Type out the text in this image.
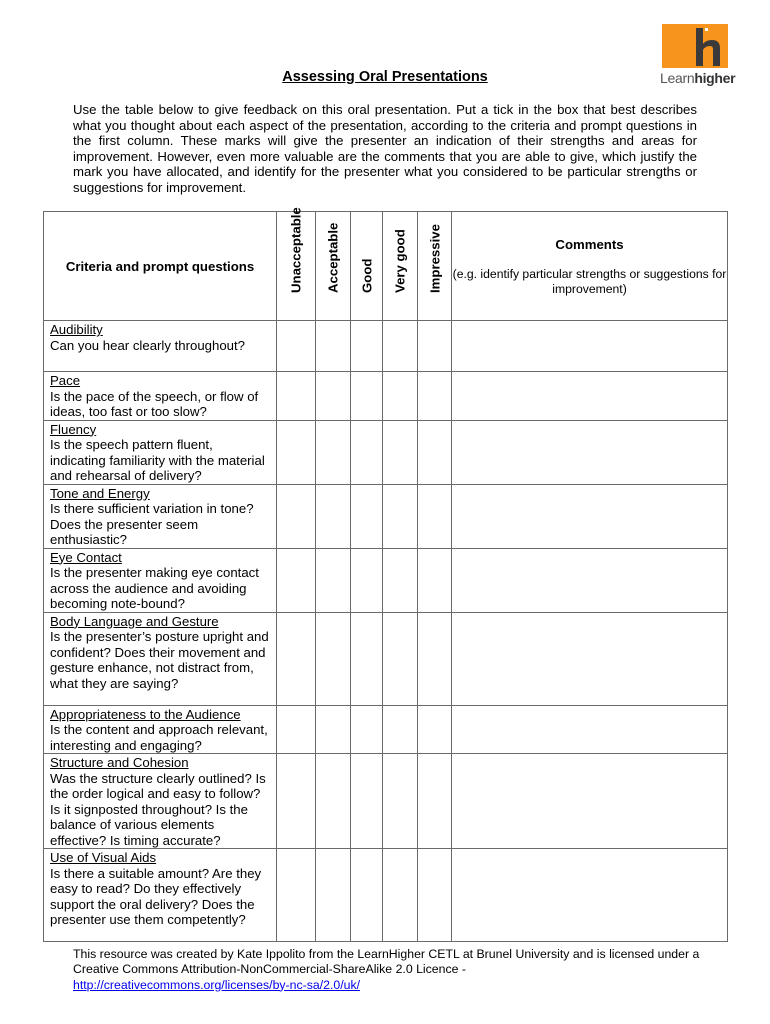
Learnhigher
Assessing Oral Presentations

Use the table below to give feedback on this oral presentation. Put a tick in the box that best describes what you thought about each aspect of the presentation, according to the criteria and prompt questions in the first column. These marks will give the presenter an indication of their strengths and areas for improvement. However, even more valuable are the comments that you are able to give, which justify the mark you have allocated, and identify for the presenter what you considered to be particular strengths or suggestions for improvement.

Criteria and prompt questions	Unacceptable	Acceptable	Good	Very good	Impressive	Comments
(e.g. identify particular strengths or suggestions for improvement)

Audibility
Can you hear clearly throughout?						

Pace
Is the pace of the speech, or flow of ideas, too fast or too slow?						

Fluency
Is the speech pattern fluent, indicating familiarity with the material and rehearsal of delivery?						

Tone and Energy
Is there sufficient variation in tone? Does the presenter seem enthusiastic?						

Eye Contact
Is the presenter making eye contact across the audience and avoiding becoming note-bound?						

Body Language and Gesture
Is the presenter’s posture upright and confident? Does their movement and gesture enhance, not distract from, what they are saying?						

Appropriateness to the Audience
Is the content and approach relevant, interesting and engaging?						

Structure and Cohesion
Was the structure clearly outlined? Is the order logical and easy to follow? Is it signposted throughout? Is the balance of various elements effective? Is timing accurate?						

Use of Visual Aids
Is there a suitable amount? Are they easy to read? Do they effectively support the oral delivery? Does the presenter use them competently?						

This resource was created by Kate Ippolito from the LearnHigher CETL at Brunel University and is licensed under a Creative Commons Attribution-NonCommercial-ShareAlike 2.0 Licence -
http://creativecommons.org/licenses/by-nc-sa/2.0/uk/
